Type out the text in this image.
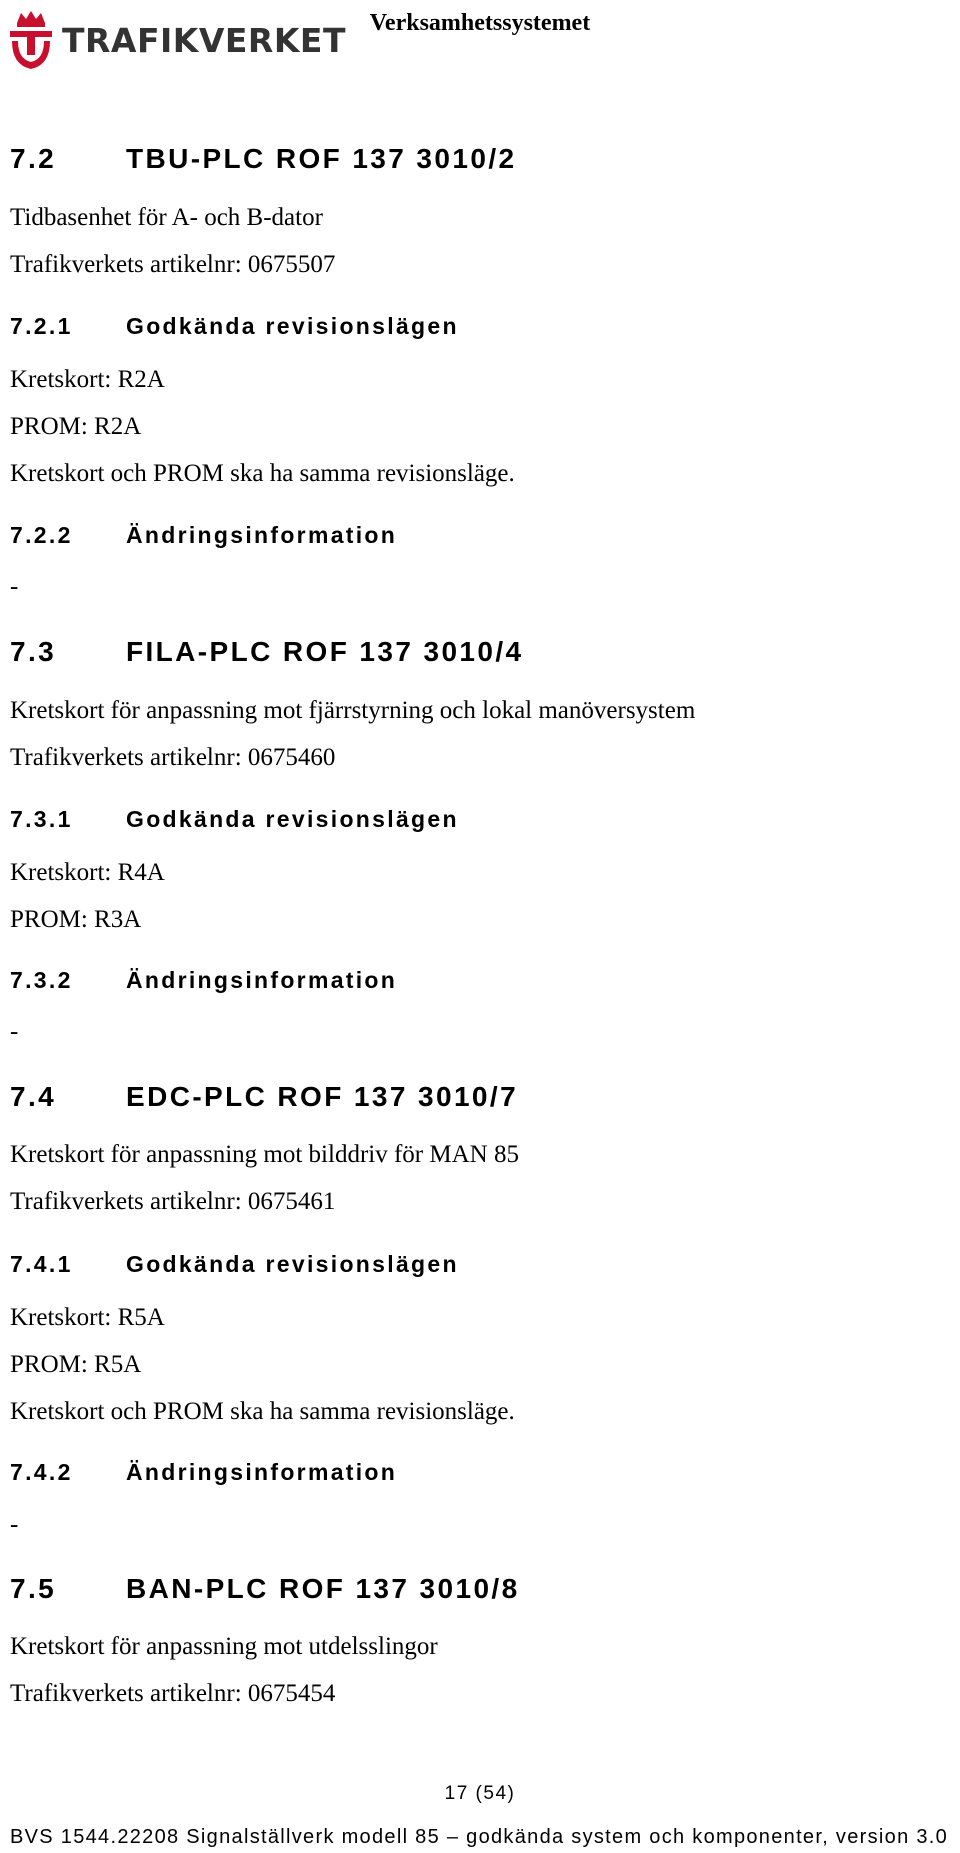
TRAFIKVERKET Verksamhetssystemet
7.2 TBU-PLC ROF 137 3010/2
Tidbasenhet för A- och B-dator
Trafikverkets artikelnr: 0675507
7.2.1 Godkända revisionslägen
Kretskort: R2A
PROM: R2A
Kretskort och PROM ska ha samma revisionsläge.
7.2.2 Ändringsinformation
-
7.3 FILA-PLC ROF 137 3010/4
Kretskort för anpassning mot fjärrstyrning och lokal manöversystem
Trafikverkets artikelnr: 0675460
7.3.1 Godkända revisionslägen
Kretskort: R4A
PROM: R3A
7.3.2 Ändringsinformation
-
7.4 EDC-PLC ROF 137 3010/7
Kretskort för anpassning mot bilddriv för MAN 85
Trafikverkets artikelnr: 0675461
7.4.1 Godkända revisionslägen
Kretskort: R5A
PROM: R5A
Kretskort och PROM ska ha samma revisionsläge.
7.4.2 Ändringsinformation
-
7.5 BAN-PLC ROF 137 3010/8
Kretskort för anpassning mot utdelsslingor
Trafikverkets artikelnr: 0675454
17 (54)
BVS 1544.22208 Signalställverk modell 85 – godkända system och komponenter, version 3.0
